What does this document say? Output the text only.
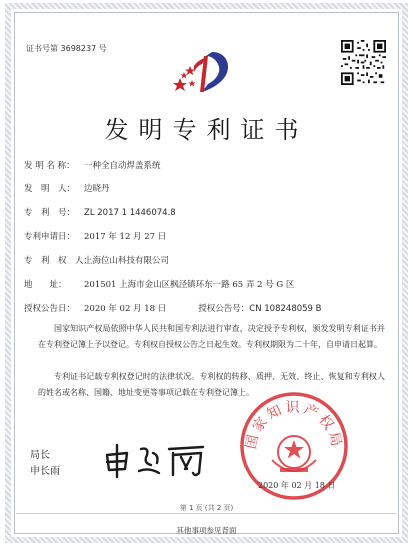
证书号第 3698237 号
发明专利证书
发 明 名 称： 一种全自动焊盖系统
发　明　人： 边晓丹
专　利　号： ZL 2017 1 1446074.8
专利申请日： 2017 年 12 月 27 日
专　利　权　人：上海位山科技有限公司
地　　址： 201501 上海市金山区枫泾镇环东一路 65 弄 2 号 G 区
授权公告日： 2020 年 02 月 18 日	授权公告号：CN 108248059 B
国家知识产权局依照中华人民共和国专利法进行审查，决定授予专利权，颁发发明专利证书并在专利登记簿上予以登记。专利权自授权公告之日起生效。专利权期限为二十年，自申请日起算。
专利证书记载专利权登记时的法律状况。专利权的转移、质押、无效、终止、恢复和专利权人的姓名或名称、国籍、地址变更等事项记载在专利登记簿上。
国家知识产权局
局长
申长雨
2020 年 02 月 18 日
第 1 页 (共 2 页)
其他事项参见背面
